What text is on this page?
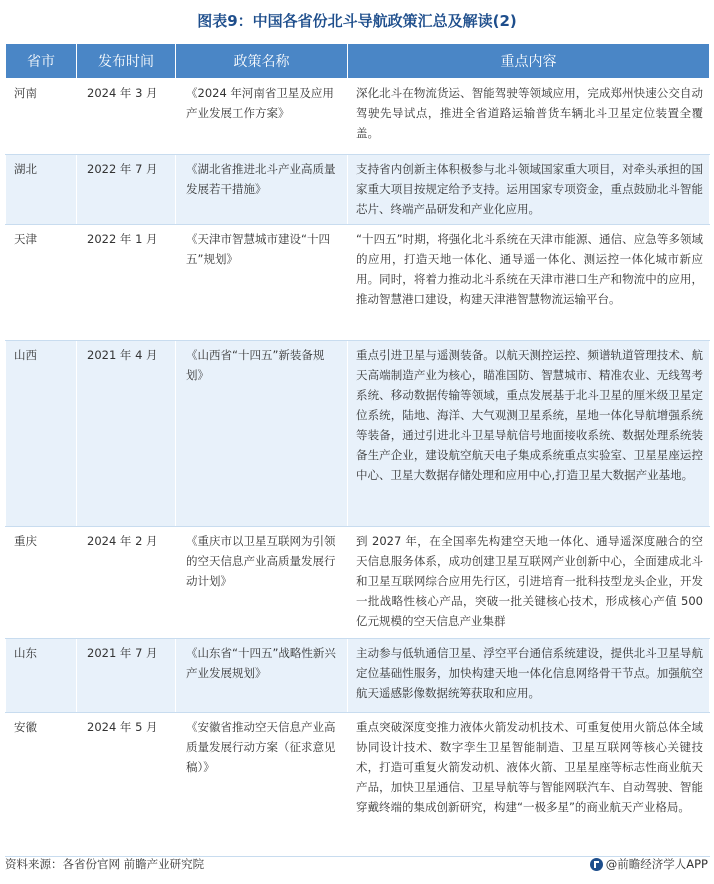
图表9：中国各省份北斗导航政策汇总及解读(2)
省市	发布时间	政策名称	重点内容
河南	2024 年 3 月	《2024 年河南省卫星及应用产业发展工作方案》	深化北斗在物流货运、智能驾驶等领域应用，完成郑州快速公交自动驾驶先导试点，推进全省道路运输普货车辆北斗卫星定位装置全覆盖。
湖北	2022 年 7 月	《湖北省推进北斗产业高质量发展若干措施》	支持省内创新主体积极参与北斗领域国家重大项目，对牵头承担的国家重大项目按规定给予支持。运用国家专项资金，重点鼓励北斗智能芯片、终端产品研发和产业化应用。
天津	2022 年 1 月	《天津市智慧城市建设“十四五”规划》	“十四五”时期，将强化北斗系统在天津市能源、通信、应急等多领域的应用，打造天地一体化、通导遥一体化、测运控一体化城市新应用。同时，将着力推动北斗系统在天津市港口生产和物流中的应用，推动智慧港口建设，构建天津港智慧物流运输平台。
山西	2021 年 4 月	《山西省“十四五”新装备规划》	重点引进卫星与遥测装备。以航天测控运控、频谱轨道管理技术、航天高端制造产业为核心，瞄准国防、智慧城市、精准农业、无线驾考系统、移动数据传输等领域，重点发展基于北斗卫星的厘米级卫星定位系统，陆地、海洋、大气观测卫星系统，星地一体化导航增强系统等装备，通过引进北斗卫星导航信号地面接收系统、数据处理系统装备生产企业，建设航空航天电子集成系统重点实验室、卫星星座运控中心、卫星大数据存储处理和应用中心,打造卫星大数据产业基地。
重庆	2024 年 2 月	《重庆市以卫星互联网为引领的空天信息产业高质量发展行动计划》	到 2027 年，在全国率先构建空天地一体化、通导遥深度融合的空天信息服务体系，成功创建卫星互联网产业创新中心，全面建成北斗和卫星互联网综合应用先行区，引进培育一批科技型龙头企业，开发一批战略性核心产品，突破一批关键核心技术，形成核心产值 500 亿元规模的空天信息产业集群
山东	2021 年 7 月	《山东省“十四五”战略性新兴产业发展规划》	主动参与低轨通信卫星、浮空平台通信系统建设，提供北斗卫星导航定位基础性服务，加快构建天地一体化信息网络骨干节点。加强航空航天遥感影像数据统筹获取和应用。
安徽	2024 年 5 月	《安徽省推动空天信息产业高质量发展行动方案（征求意见稿）》	重点突破深度变推力液体火箭发动机技术、可重复使用火箭总体全域协同设计技术、数字孪生卫星智能制造、卫星互联网等核心关键技术，打造可重复火箭发动机、液体火箭、卫星星座等标志性商业航天产品，加快卫星通信、卫星导航等与智能网联汽车、自动驾驶、智能穿戴终端的集成创新研究，构建“一极多星”的商业航天产业格局。
资料来源：各省份官网 前瞻产业研究院	@前瞻经济学人APP
